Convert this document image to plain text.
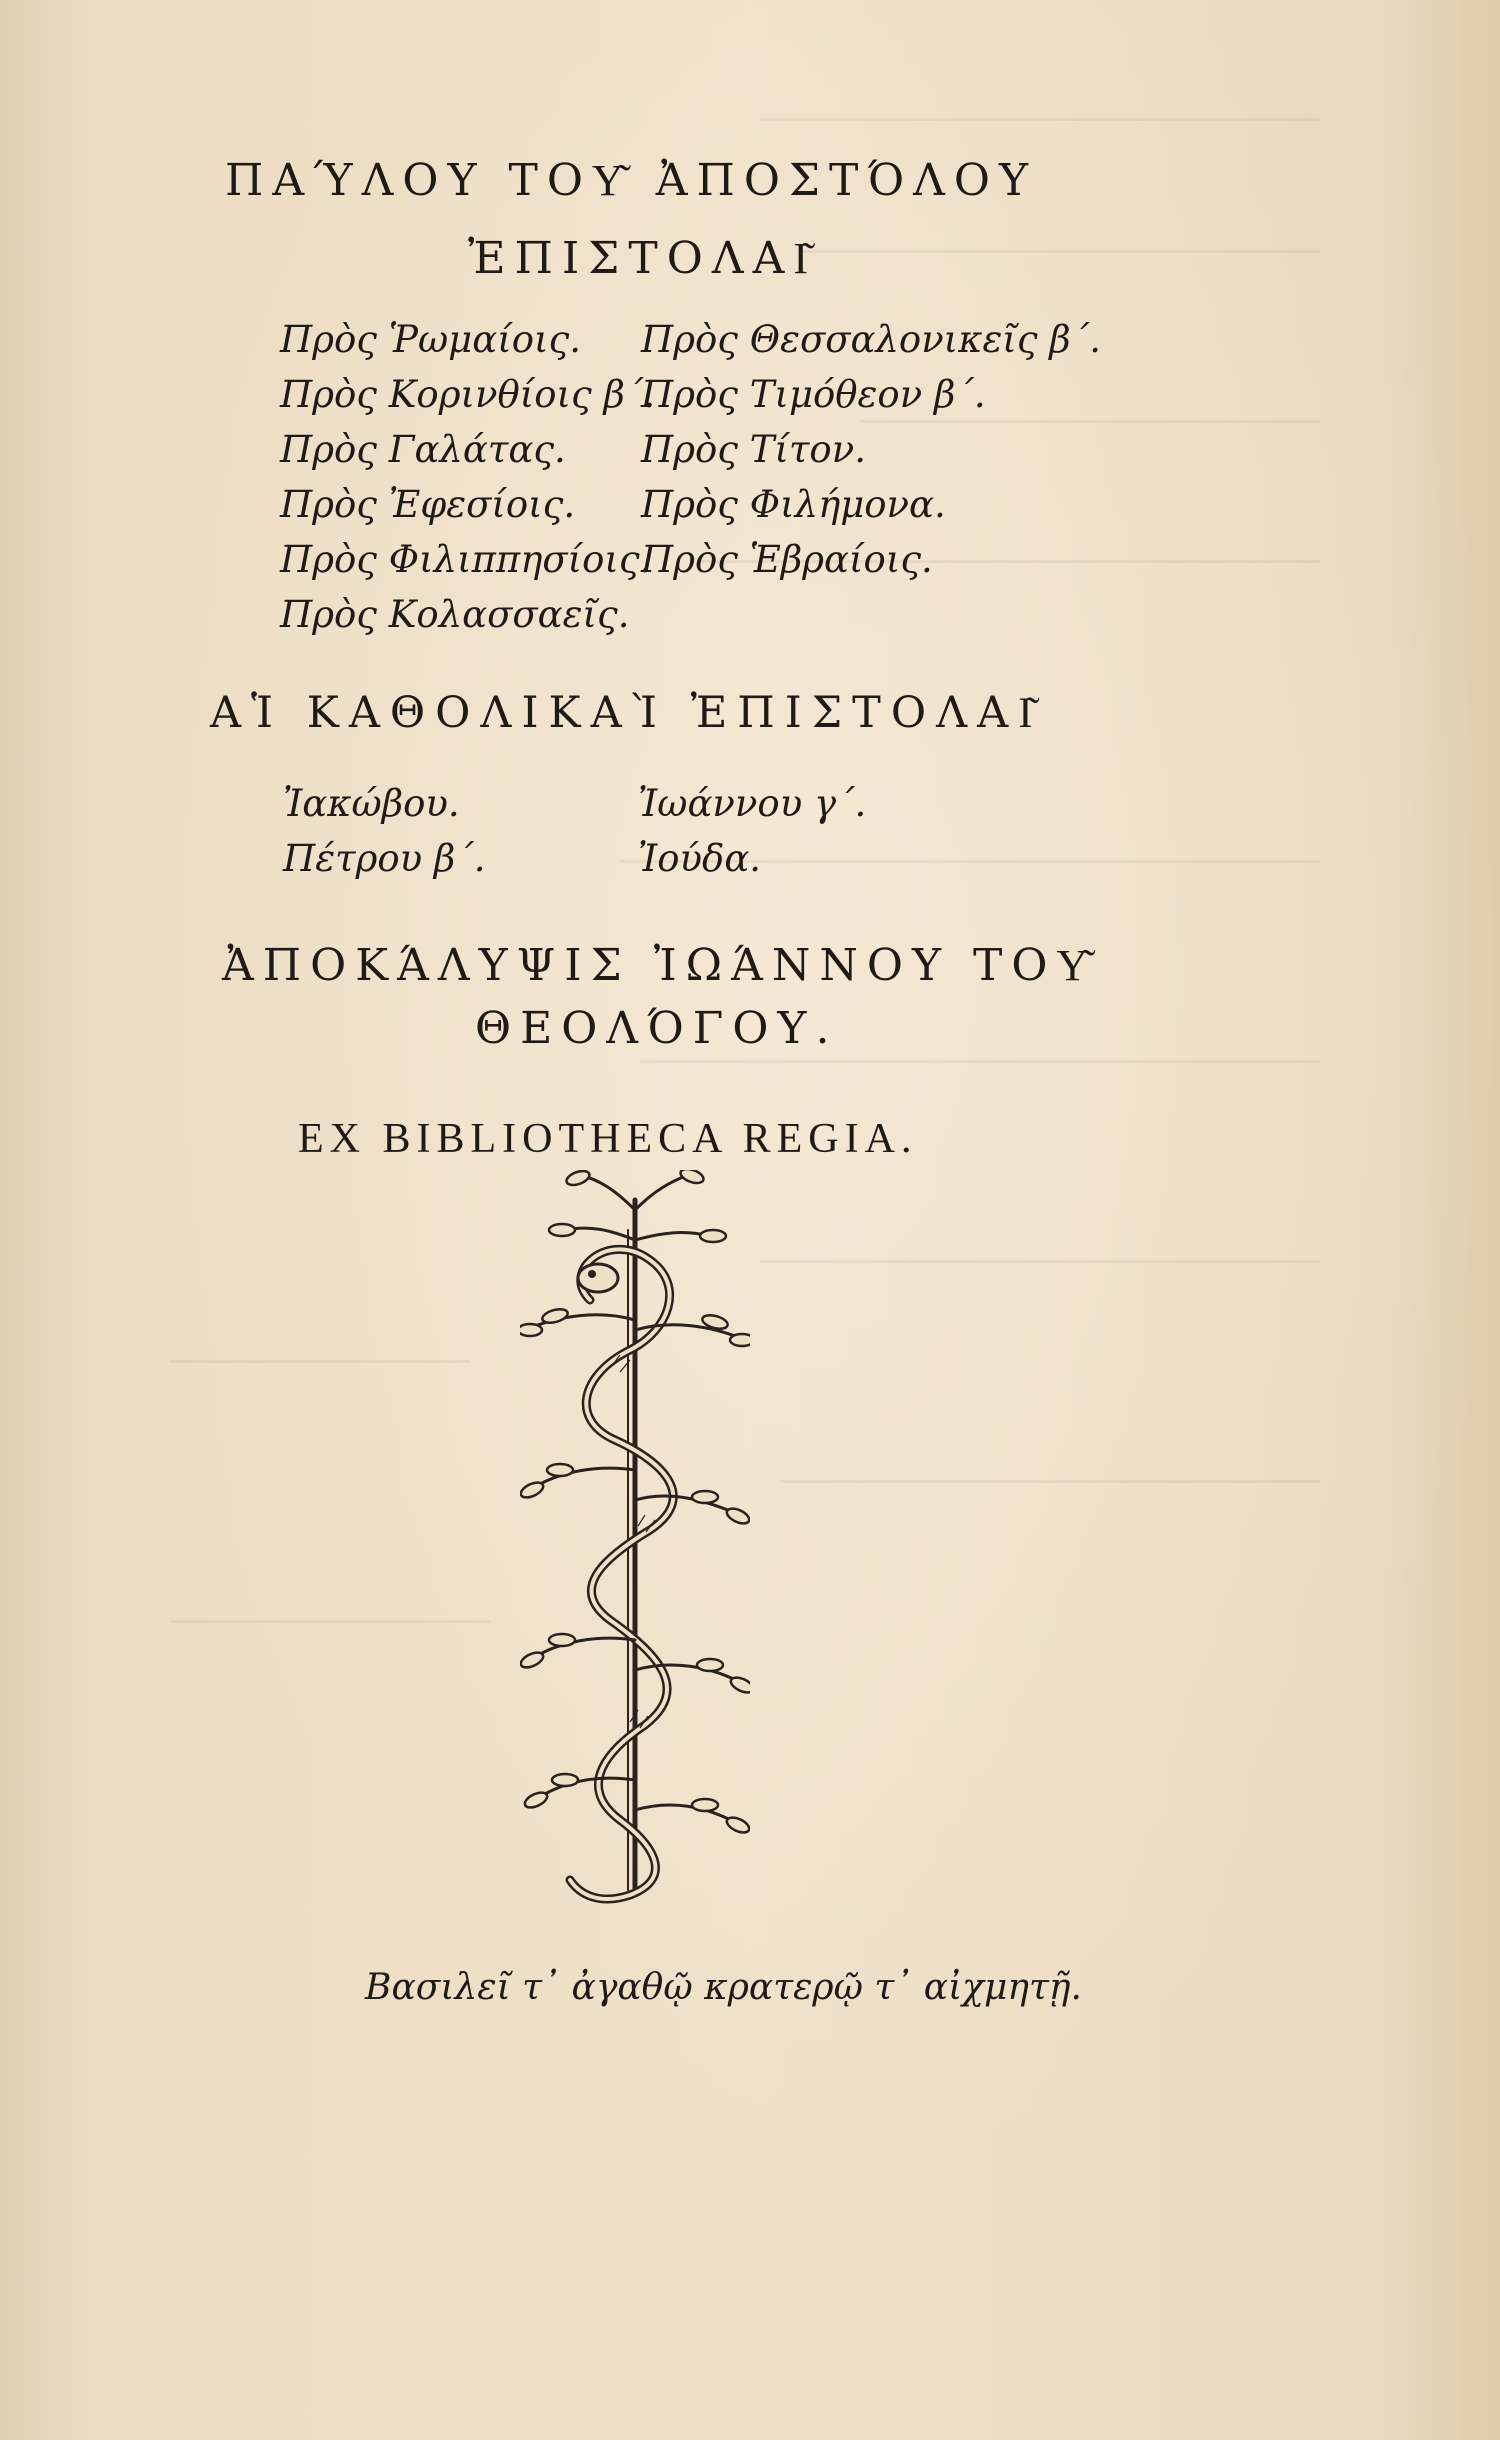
ΠΑΎΛΟΥ ΤΟΥ͂ ἈΠΟΣΤΌΛΟΥ
ἘΠΙΣΤΟΛΑΙ͂
Πρὸς Ῥωμαίοις.
Πρὸς Κορινθίοις β΄.
Πρὸς Γαλάτας.
Πρὸς Ἐφεσίοις.
Πρὸς Φιλιππησίοις.
Πρὸς Κολασσαεῖς.
Πρὸς Θεσσαλονικεῖς β΄.
Πρὸς Τιμόθεον β΄.
Πρὸς Τίτον.
Πρὸς Φιλήμονα.
Πρὸς Ἑβραίοις.
ΑἹ ΚΑΘΟΛΙΚΑῚ ἘΠΙΣΤΟΛΑΙ͂
Ἰακώβου.
Πέτρου β΄.
Ἰωάννου γ΄.
Ἰούδα.
ἈΠΟΚΆΛΥΨΙΣ ἸΩΆΝΝΟΥ ΤΟΥ͂
ΘΕΟΛΌΓΟΥ.
EX BIBLIOTHECA REGIA.
Βασιλεῖ τ᾽ ἀγαθῷ κρατερῷ τ᾽ αἰχμητῇ.
